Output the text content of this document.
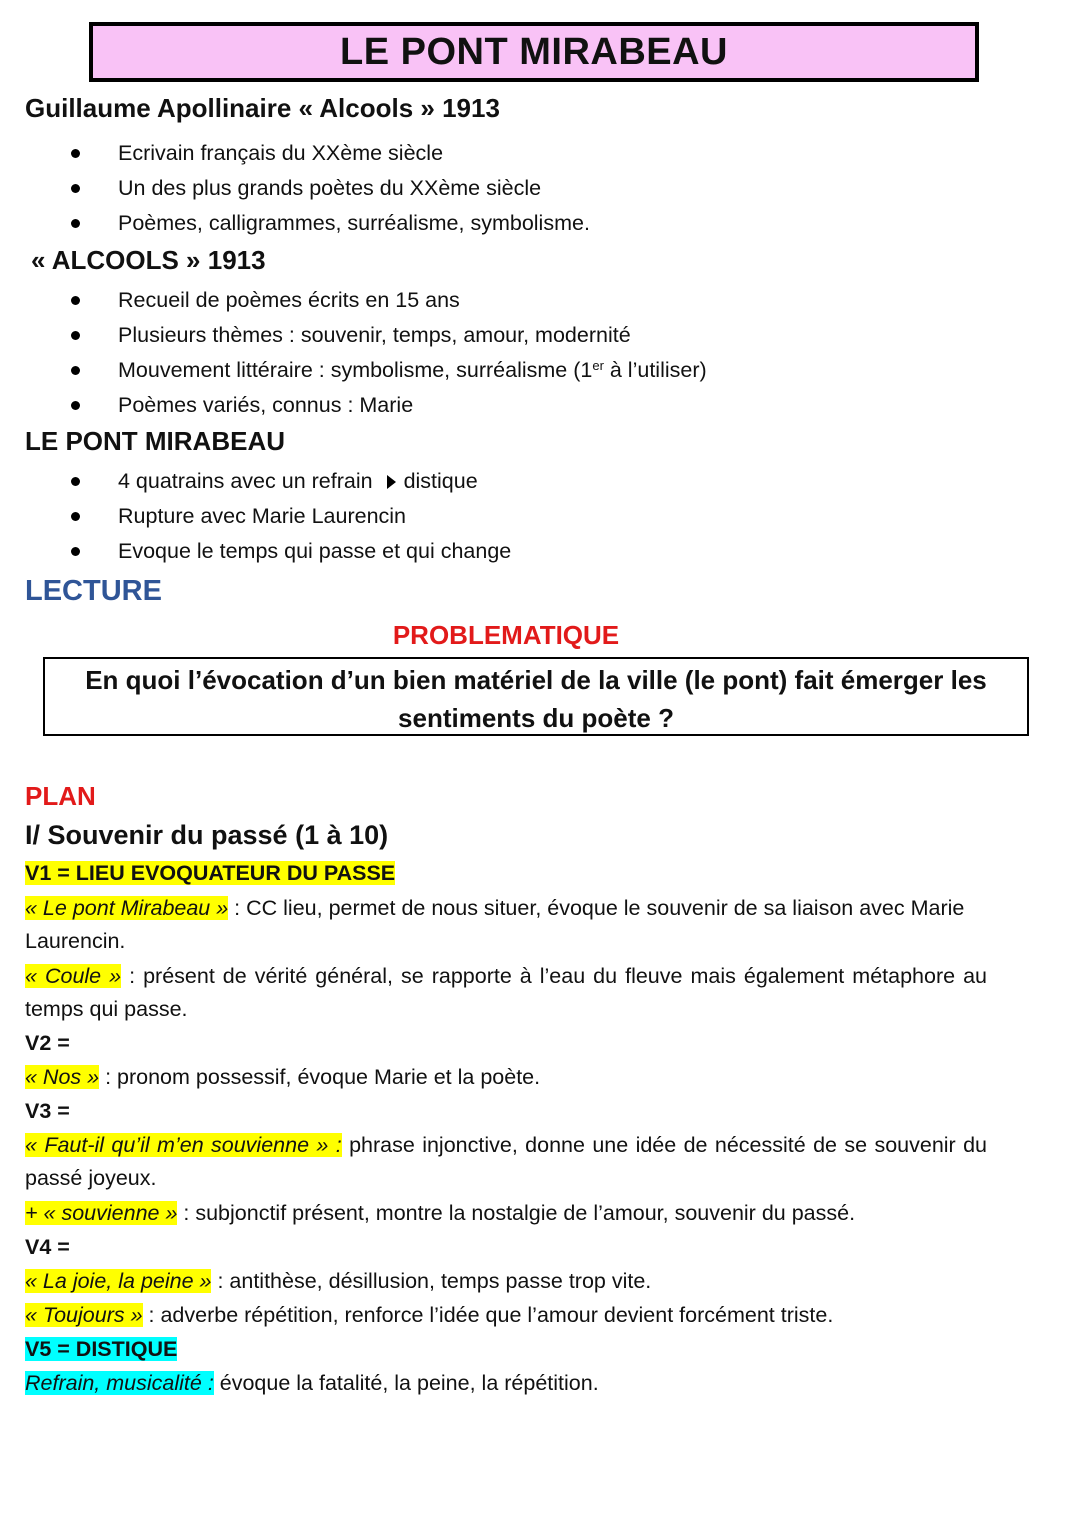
LE PONT MIRABEAU
Guillaume Apollinaire « Alcools » 1913
Ecrivain français du XXème siècle
Un des plus grands poètes du XXème siècle
Poèmes, calligrammes, surréalisme, symbolisme.
« ALCOOLS » 1913
Recueil de poèmes écrits en 15 ans
Plusieurs thèmes : souvenir, temps, amour, modernité
Mouvement littéraire : symbolisme, surréalisme (1er à l’utiliser)
Poèmes variés, connus : Marie
LE PONT MIRABEAU
4 quatrains avec un refrain distique
Rupture avec Marie Laurencin
Evoque le temps qui passe et qui change
LECTURE
PROBLEMATIQUE
En quoi l’évocation d’un bien matériel de la ville (le pont) fait émerger les
sentiments du poète ?
PLAN
I/ Souvenir du passé (1 à 10)
V1 = LIEU EVOQUATEUR DU PASSE
« Le pont Mirabeau » : CC lieu, permet de nous situer, évoque le souvenir de sa liaison avec Marie Laurencin.
« Coule » : présent de vérité général, se rapporte à l’eau du fleuve mais également métaphore au temps qui passe.
V2 =
« Nos » : pronom possessif, évoque Marie et la poète.
V3 =
« Faut-il qu’il m’en souvienne » : phrase injonctive, donne une idée de nécessité de se souvenir du passé joyeux.
+ « souvienne » : subjonctif présent, montre la nostalgie de l’amour, souvenir du passé.
V4 =
« La joie, la peine » : antithèse, désillusion, temps passe trop vite.
« Toujours » : adverbe répétition, renforce l’idée que l’amour devient forcément triste.
V5 = DISTIQUE
Refrain, musicalité : évoque la fatalité, la peine, la répétition.
